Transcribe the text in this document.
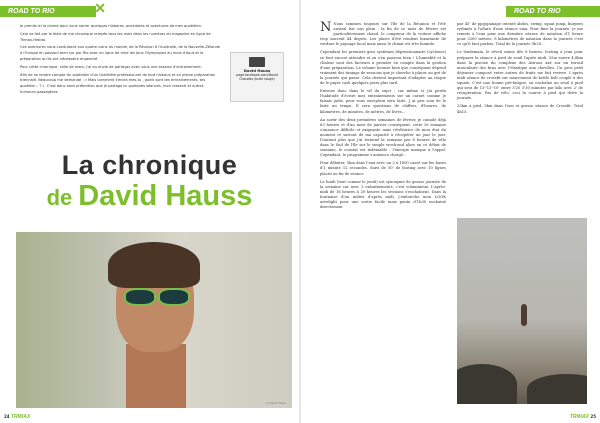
ROAD TO RIO	✕

Je prends ici la plume pour vous narrer quelques histoires, anecdotes et aventures de mes quotidien.

Cela va fait par le biais de ma chronique relayée tous les mois dans les numéros du magazine en ligne de Trimax-Hebdo.

Ces aventures nous conduisent aux quatre coins du monde, de la Réunion à l'Australie, de la Nouvelle-Zélande à l'Europe en passant bien sur par Rio avec en ligne de mire les Jeux Olympiques au mois d'Aout et la préparation qu'ils ont nécessaire engendré.

Pour cette chronique, celle de mars, j'ai eu envie de partager avec vous une session d'entrainement.

Afin de se rendre compte du quotidien d'un triathlète professionnel de tout niveaux et en pleine préparation triennale. Beaucoup me demande : « Mais comment t'entra mes-tu , quels sont tes entrainements, tes quotidie... ? ». C'est donc sans prétention que je partage ici quelques séances, mon ressenti et autres humeurs passagères.

David Hauss
page.facebook.com/David
Chaudes (bulle rouge)
La chronique
de David Hauss
(c) David Hauss
24 TRIMAX
ROAD TO RIO

N Nous sommes toujours sur l'île de la Réunion et l'été austral bat son plein : la fin de ce mois de février est particulièrement chaud, le compteur de la voiture affiche trop souvent 44 degrés. Les pluies d'été rendent luxuriante de verdure le paysage local mais aussi le climat est très humide.

Cependant les premiers gros systèmes dépressionnaire (cyclones) se font encore attendre et on s'en passera bien ! L'humidité et la chaleur sont des facteurs à prendre en compte dans la gestion d'une préparation. Le volume horaire bien que conséquent dépend vraiment des timings de sessions que je cherche à placer au gré de la journée qui passe. Cela devient important d'adapter au risque de le payer cash quelques jours plus tard.

Entrons donc dans le vif du sujet ; car même si j'ai perdu l'habitude d'écrire mes entrainements sur un carnet comme je faisais jadis, pour vous exception sera faite. J ai pris soin de le faire un temps. Il sera questions de chiffres, d'heures, de kilomètres, de minutes, de mètres, de litres...

Au sortir des deux premières semaines de février, je cumule déjà 63 heures et d'un mois de janvier conséquent, cette 3e semaine s'annonce difficile et exigeante mais révélatrice de mon état du moment et surtout de ma capacité à récupérer au jour le jour. D'autant plus que j'ai terminé la semaine par 8 heures de vélo dans le Sud de l'île sur le simple week-end alors en ce début de semaine, le constat est indéniable : l'énergie manque à l'appel. Cependant, le programme s'annonce chargé...

Pour débuter, 5km dans l'eau avec un 2 x 1800 cassé sur les bases d'1 minute 12 secondes. Suivi de 50' de footing avec 10 lignes placés en fin de séance.

Le lundi (tout comme le jeudi) est synonyme de grosse journée de la semaine car avec 3 entraînements, c'est volumineux. L'après-midi de 16 heures à 20 heures les sessions s'enchaînent. Dans la fournaise d'un milieu d'après midi, j'enfourche mon LOOK aerolight pour une sortie facile mais pentu d'1h30 enchainé directement

par 45' de ppg/gainage orienté abdos, swing, squat jump, burpees rythmés à l'allure d'une séance vma. Pour finir la journée, je me remets à l'eau pour une dernière séance de natation d'1 heure pour 3200 mètres. 8 kilomètres de natation dans la journée c'est ce qu'il faut parfois. Total de la journée 5h20...

Le lendemain, le réveil sonne dès 6 heures, footing à jeun pour préparer la séance à pied de seuil l'après midi. 35m suivre 4,8km dans la piscine du complexe des Avirons axé sur un travail musculaire des bras avec l'élastique aux chevilles. Un gros petit déjeuner composé entre autres de fruits me fait revivre. L'après midi séance de crossfit sur mouvement de kettle belt couplé à des squats. C'est une bonne pré-fatigue, on enchaîne au seuil à pied qui sera de 15'-12'-10' entre 3'20 3'30 minutes par kilo avec 2' de récupération. Pas de vélo, ceci la course à pied qui drive la journée.

25km à pied, 5km dans l'eau et grosse séance de Crossfit. Total 4h15.

TRIMAX 25
